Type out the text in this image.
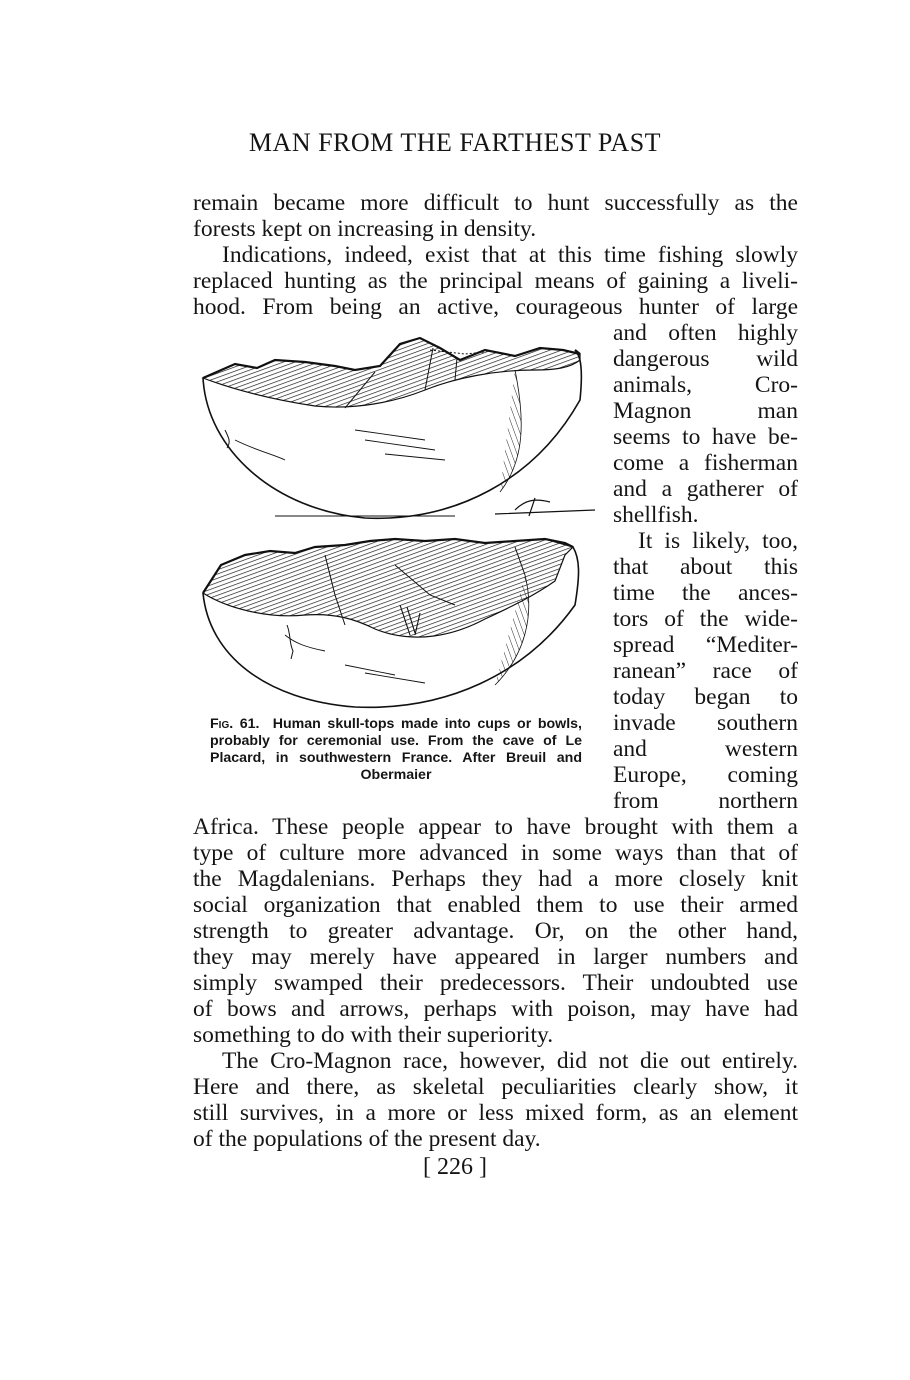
MAN FROM THE FARTHEST PAST
remain became more difficult to hunt successfully as the
forests kept on increasing in density.
Indications, indeed, exist that at this time fishing slowly
replaced hunting as the principal means of gaining a liveli-
hood. From being an active, courageous hunter of large
and often highly
dangerous wild
animals, Cro-
Magnon man
seems to have be-
come a fisherman
and a gatherer of
shellfish.
It is likely, too,
that about this
time the ances-
tors of the wide-
spread “Mediter-
ranean” race of
today began to
invade southern
and western
Europe, coming
from northern
Africa. These people appear to have brought with them a
type of culture more advanced in some ways than that of
the Magdalenians. Perhaps they had a more closely knit
social organization that enabled them to use their armed
strength to greater advantage. Or, on the other hand,
they may merely have appeared in larger numbers and
simply swamped their predecessors. Their undoubted use
of bows and arrows, perhaps with poison, may have had
something to do with their superiority.
The Cro-Magnon race, however, did not die out entirely.
Here and there, as skeletal peculiarities clearly show, it
still survives, in a more or less mixed form, as an element
of the populations of the present day.
Fig. 61. Human skull-tops made into cups or bowls,
probably for ceremonial use. From the cave of Le
Placard, in southwestern France. After Breuil and
Obermaier
[ 226 ]
